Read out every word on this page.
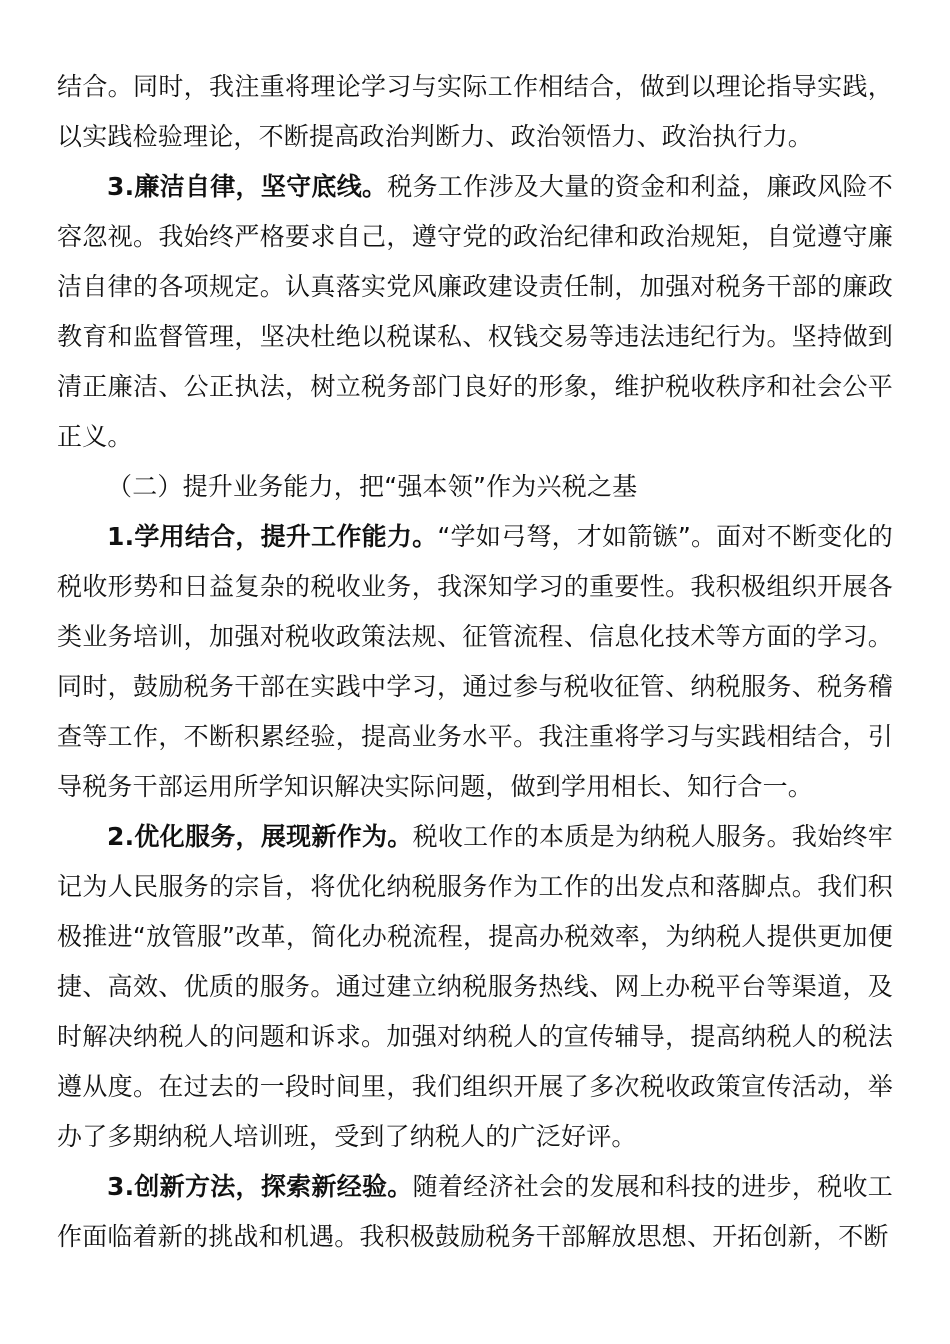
结合。同时，我注重将理论学习与实际工作相结合，做到以理论指导实践，以实践检验理论，不断提高政治判断力、政治领悟力、政治执行力。

3.廉洁自律，坚守底线。税务工作涉及大量的资金和利益，廉政风险不容忽视。我始终严格要求自己，遵守党的政治纪律和政治规矩，自觉遵守廉洁自律的各项规定。认真落实党风廉政建设责任制，加强对税务干部的廉政教育和监督管理，坚决杜绝以税谋私、权钱交易等违法违纪行为。坚持做到清正廉洁、公正执法，树立税务部门良好的形象，维护税收秩序和社会公平正义。

（二）提升业务能力，把“强本领”作为兴税之基

1.学用结合，提升工作能力。“学如弓弩，才如箭镞”。面对不断变化的税收形势和日益复杂的税收业务，我深知学习的重要性。我积极组织开展各类业务培训，加强对税收政策法规、征管流程、信息化技术等方面的学习。同时，鼓励税务干部在实践中学习，通过参与税收征管、纳税服务、税务稽查等工作，不断积累经验，提高业务水平。我注重将学习与实践相结合，引导税务干部运用所学知识解决实际问题，做到学用相长、知行合一。

2.优化服务，展现新作为。税收工作的本质是为纳税人服务。我始终牢记为人民服务的宗旨，将优化纳税服务作为工作的出发点和落脚点。我们积极推进“放管服”改革，简化办税流程，提高办税效率，为纳税人提供更加便捷、高效、优质的服务。通过建立纳税服务热线、网上办税平台等渠道，及时解决纳税人的问题和诉求。加强对纳税人的宣传辅导，提高纳税人的税法遵从度。在过去的一段时间里，我们组织开展了多次税收政策宣传活动，举办了多期纳税人培训班，受到了纳税人的广泛好评。

3.创新方法，探索新经验。随着经济社会的发展和科技的进步，税收工作面临着新的挑战和机遇。我积极鼓励税务干部解放思想、开拓创新，不断
